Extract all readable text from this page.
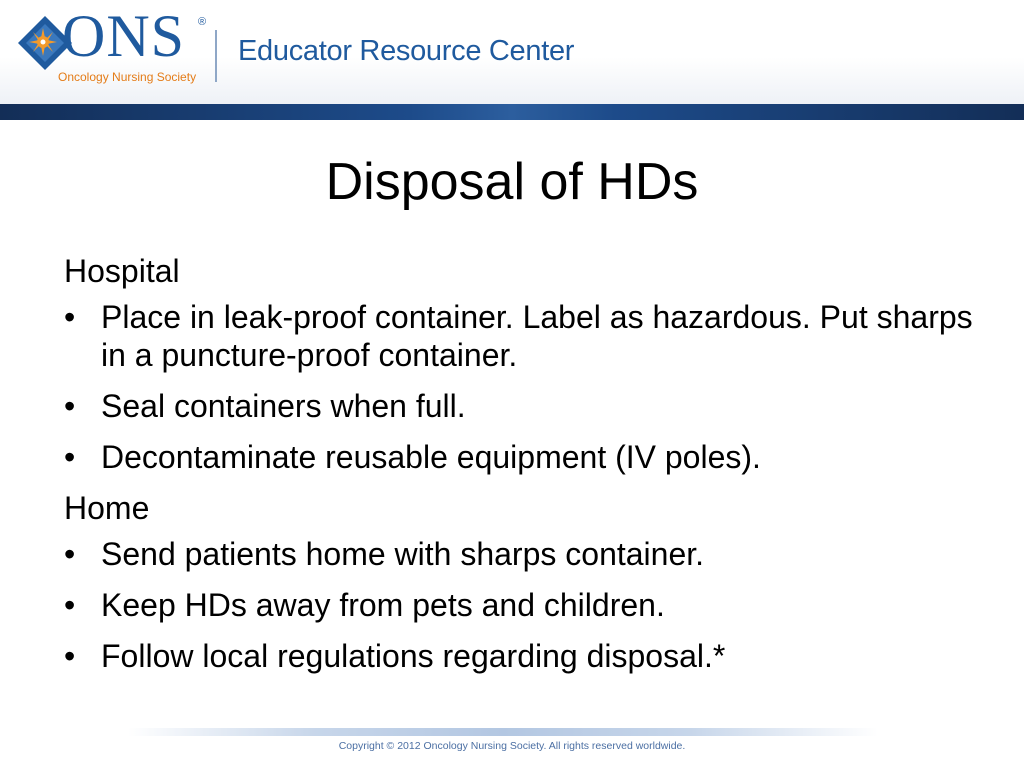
ONS ®
Oncology Nursing Society
Educator Resource Center
Disposal of HDs
Hospital
• Place in leak-proof container. Label as hazardous. Put sharps in a puncture-proof container.
• Seal containers when full.
• Decontaminate reusable equipment (IV poles).
Home
• Send patients home with sharps container.
• Keep HDs away from pets and children.
• Follow local regulations regarding disposal.*
Copyright © 2012 Oncology Nursing Society. All rights reserved worldwide.
